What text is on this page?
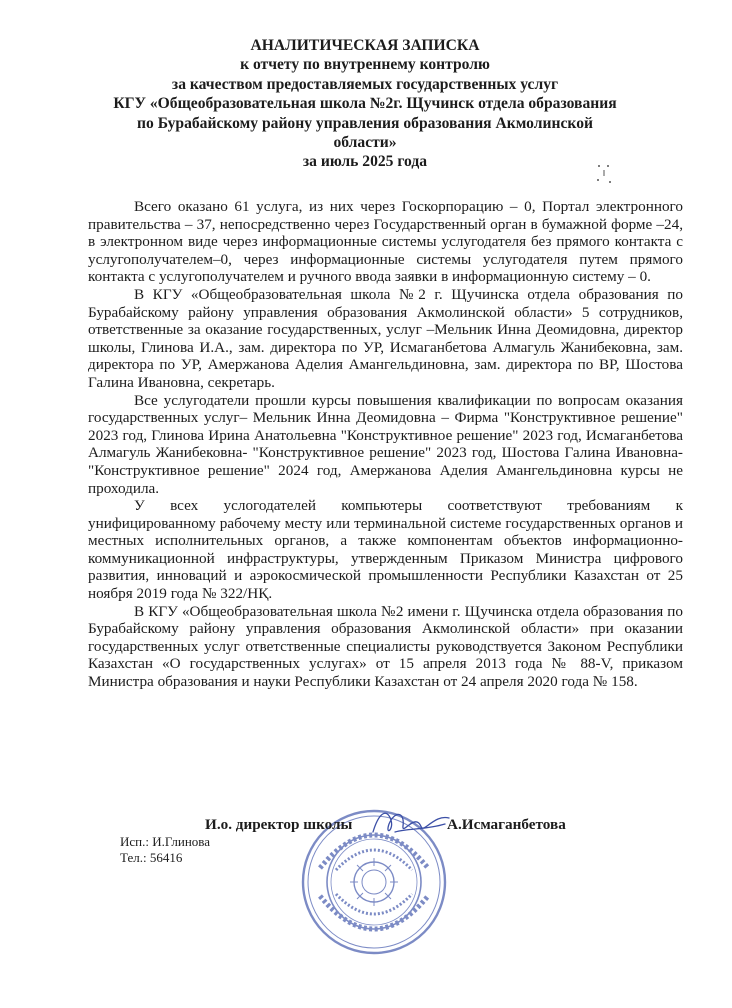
АНАЛИТИЧЕСКАЯ ЗАПИСКА
к отчету по внутреннему контролю
за качеством предоставляемых государственных услуг
КГУ «Общеобразовательная школа №2г. Щучинск отдела образования
по Бурабайскому району управления образования Акмолинской
области»
за июль 2025 года

Всего оказано 61 услуга, из них через Госкорпорацию – 0, Портал электронного правительства – 37, непосредственно через Государственный орган в бумажной форме –24, в электронном виде через информационные системы услугодателя без прямого контакта с услугополучателем–0, через информационные системы услугодателя путем прямого контакта с услугополучателем и ручного ввода заявки в информационную систему – 0.

В КГУ «Общеобразовательная школа №2 г. Щучинска отдела образования по Бурабайскому району управления образования Акмолинской области» 5 сотрудников, ответственные за оказание государственных, услуг –Мельник Инна Деомидовна, директор школы, Глинова И.А., зам. директора по УР, Исмаганбетова Алмагуль Жанибековна, зам. директора по УР, Амержанова Аделия Амангельдиновна, зам. директора по ВР, Шостова Галина Ивановна, секретарь.

Все услугодатели прошли курсы повышения квалификации по вопросам оказания государственных услуг– Мельник Инна Деомидовна – Фирма "Конструктивное решение" 2023 год, Глинова Ирина Анатольевна "Конструктивное решение" 2023 год, Исмаганбетова Алмагуль Жанибековна- "Конструктивное решение" 2023 год, Шостова Галина Ивановна-"Конструктивное решение" 2024 год, Амержанова Аделия Амангельдиновна курсы не проходила.

У всех услогодателей компьютеры соответствуют требованиям к унифицированному рабочему месту или терминальной системе государственных органов и местных исполнительных органов, а также компонентам объектов информационно-коммуникационной инфраструктуры, утвержденным Приказом Министра цифрового развития, инноваций и аэрокосмической промышленности Республики Казахстан от 25 ноября 2019 года № 322/НҚ.

В КГУ «Общеобразовательная школа №2 имени г. Щучинска отдела образования по Бурабайскому району управления образования Акмолинской области» при оказании государственных услуг ответственные специалисты руководствуется Законом Республики Казахстан «О государственных услугах» от 15 апреля 2013 года № 88-V, приказом Министра образования и науки Республики Казахстан от 24 апреля 2020 года № 158.

И.о. директор школы	А.Исмаганбетова
Исп.: И.Глинова
Тел.: 56416
